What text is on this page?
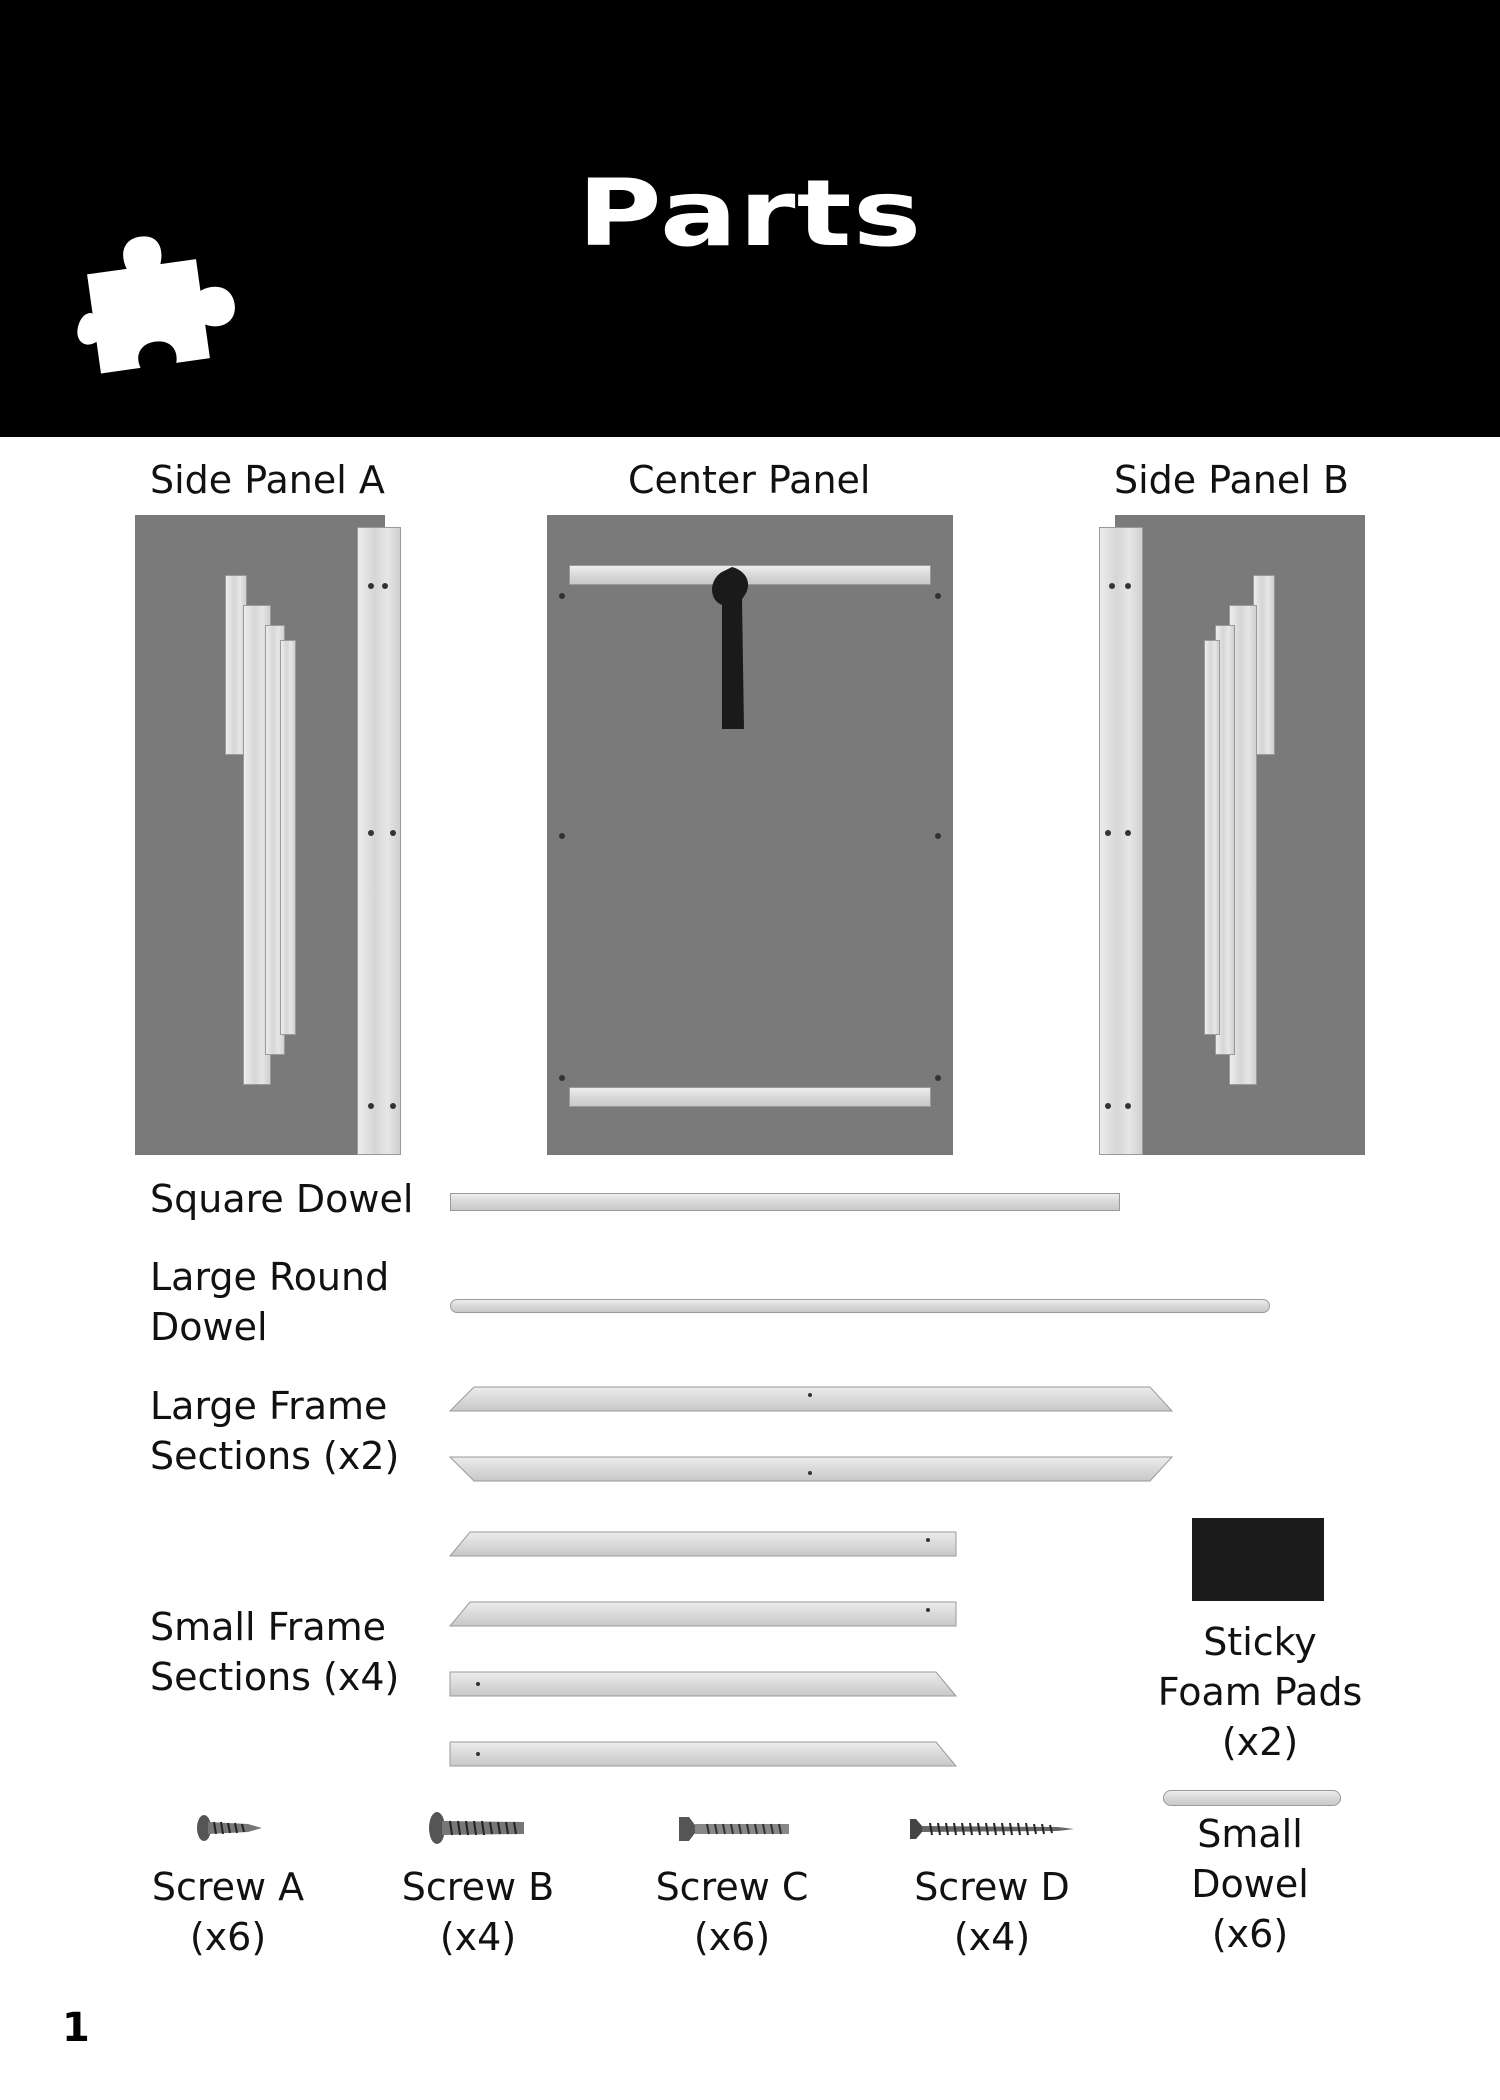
Parts
Side Panel A	Center Panel	Side Panel B
Square Dowel
Large Round
Dowel
Large Frame
Sections (x2)
Small Frame
Sections (x4)
Sticky
Foam Pads
(x2)
Screw A
(x6)
Screw B
(x4)
Screw C
(x6)
Screw D
(x4)
Small
Dowel
(x6)
1
